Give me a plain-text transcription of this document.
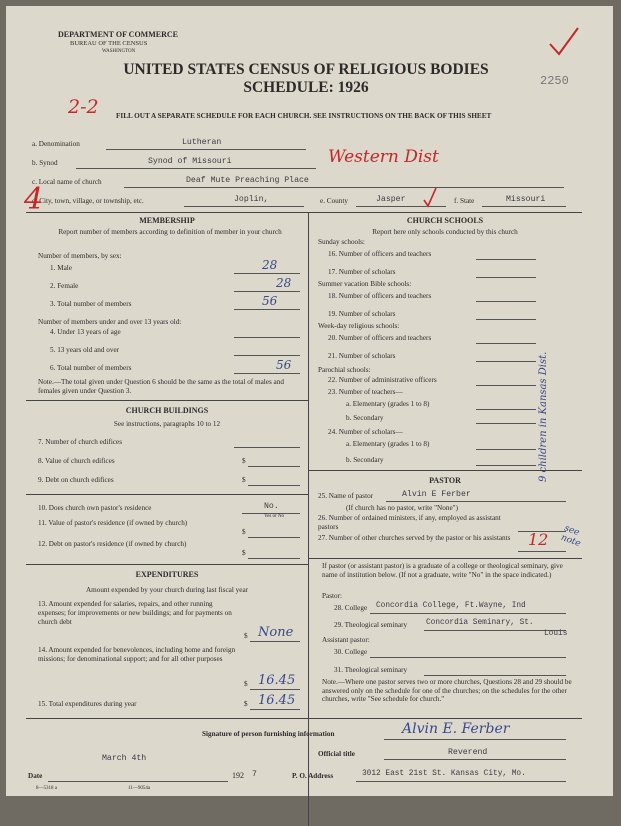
DEPARTMENT OF COMMERCE
BUREAU OF THE CENSUS
WASHINGTON
UNITED STATES CENSUS OF RELIGIOUS BODIES
SCHEDULE: 1926	2250
2-2 FILL OUT A SEPARATE SCHEDULE FOR EACH CHURCH. SEE INSTRUCTIONS ON THE BACK OF THIS SHEET
a. Denomination	Lutheran
b. Synod	Synod of Missouri	Western Dist
c. Local name of church	Deaf Mute Preaching Place
d. City, town, village, or township, etc.	Joplin,	e. County	Jasper	f. State	Missouri
4
MEMBERSHIP
Report number of members according to definition of member in your church
Number of members, by sex:
1. Male	28
2. Female	28
3. Total number of members	56
Number of members under and over 13 years old:
4. Under 13 years of age
5. 13 years old and over
6. Total number of members	56
Note.—The total given under Question 6 should be the same as the total of males and females given under Question 3.
CHURCH BUILDINGS
See instructions, paragraphs 10 to 12
7. Number of church edifices
8. Value of church edifices	$
9. Debt on church edifices	$
10. Does church own pastor's residence	No.
Yes or No
11. Value of pastor's residence (if owned by church)
$
12. Debt on pastor's residence (if owned by church)
$
EXPENDITURES
Amount expended by your church during last fiscal year
13. Amount expended for salaries, repairs, and other running expenses; for improvements or new buildings; and for payments on church debt
$ None
14. Amount expended for benevolences, including home and foreign missions; for denominational support; and for all other purposes
$ 16.45
15. Total expenditures during year	$ 16.45
CHURCH SCHOOLS
Report here only schools conducted by this church
Sunday schools:
16. Number of officers and teachers
17. Number of scholars
Summer vacation Bible schools:
18. Number of officers and teachers
19. Number of scholars
Week-day religious schools:
20. Number of officers and teachers
21. Number of scholars
Parochial schools:
22. Number of administrative officers
23. Number of teachers—
a. Elementary (grades 1 to 8)
b. Secondary
24. Number of scholars—
a. Elementary (grades 1 to 8)
b. Secondary	9 children in Kansas Dist.
PASTOR
25. Name of pastor	Alvin E Ferber
(If church has no pastor, write "None")
26. Number of ordained ministers, if any, employed as assistant pastors
27. Number of other churches served by the pastor or his assistants	12	see note
If pastor (or assistant pastor) is a graduate of a college or theological seminary, give name of institution below. (If not a graduate, write "No" in the space indicated.)
Pastor:
28. College Concordia College, Ft.Wayne, Ind
29. Theological seminary Concordia Seminary, St.
Louis
Assistant pastor:
30. College
31. Theological seminary
Note.—Where one pastor serves two or more churches, Questions 28 and 29 should be answered only on the schedule for one of the churches; on the schedules for the other churches, write "See schedule for church."
Signature of person furnishing information	Alvin E. Ferber
Official title	Reverend
March 4th
Date	192 7	P. O. Address	3012 East 21st St. Kansas City, Mo.
8—5318 a	11—9054a
